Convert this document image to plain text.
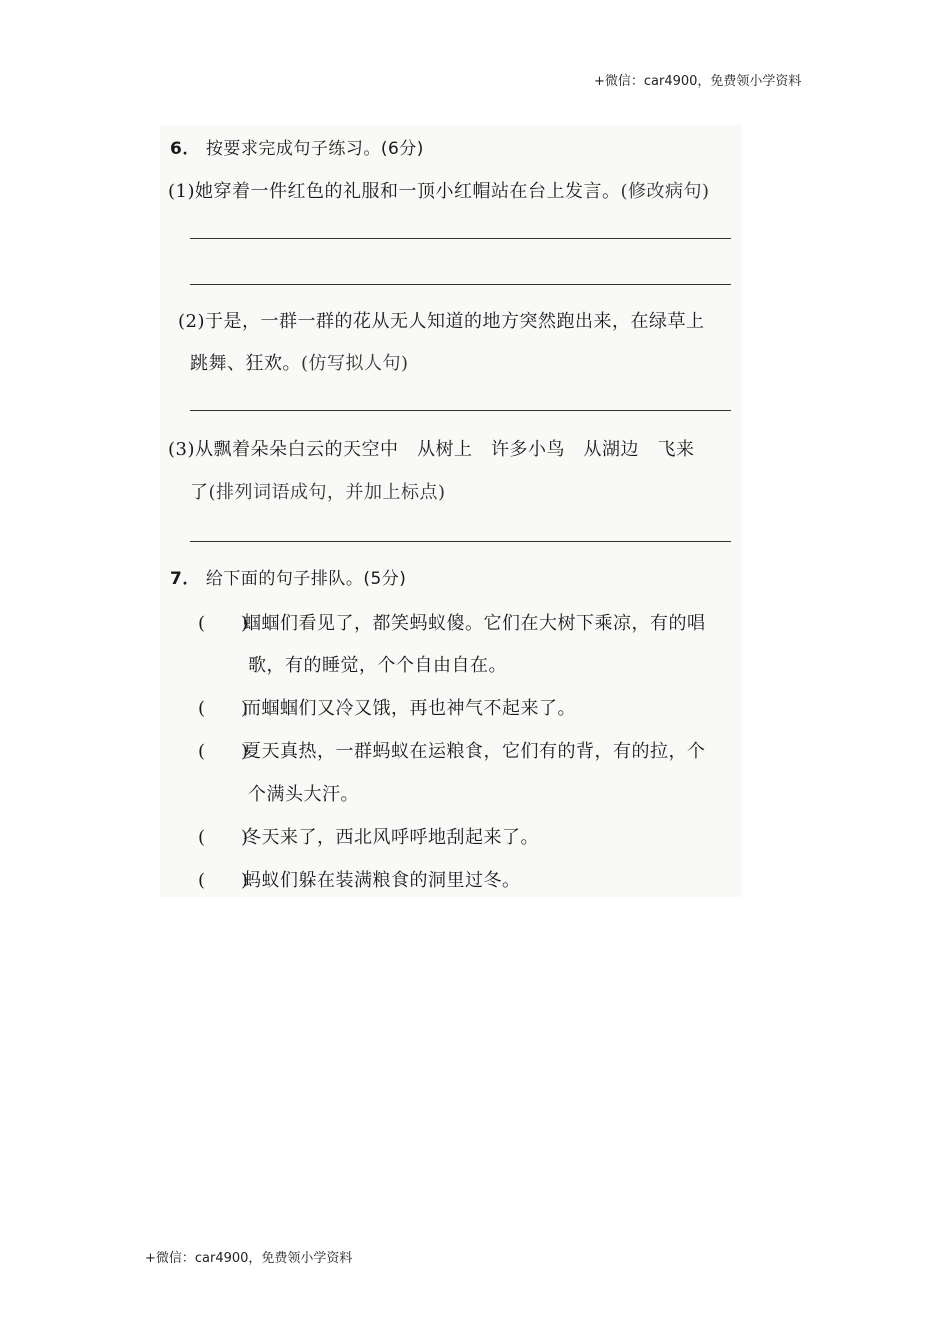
+微信：car4900，免费领小学资料
6． 按要求完成句子练习。(6分)
(1)她穿着一件红色的礼服和一顶小红帽站在台上发言。(修改病句)
(2)于是，一群一群的花从无人知道的地方突然跑出来，在绿草上
跳舞、狂欢。(仿写拟人句)
(3)从飘着朵朵白云的天空中　从树上　许多小鸟　从湖边　飞来
了(排列词语成句，并加上标点)
7． 给下面的句子排队。(5分)
(　　)
蝈蝈们看见了，都笑蚂蚁傻。它们在大树下乘凉，有的唱
歌，有的睡觉，个个自由自在。
(　　)
而蝈蝈们又冷又饿，再也神气不起来了。
(　　)
夏天真热，一群蚂蚁在运粮食，它们有的背，有的拉，个
个满头大汗。
(　　)
冬天来了，西北风呼呼地刮起来了。
(　　)
蚂蚁们躲在装满粮食的洞里过冬。
+微信：car4900，免费领小学资料
